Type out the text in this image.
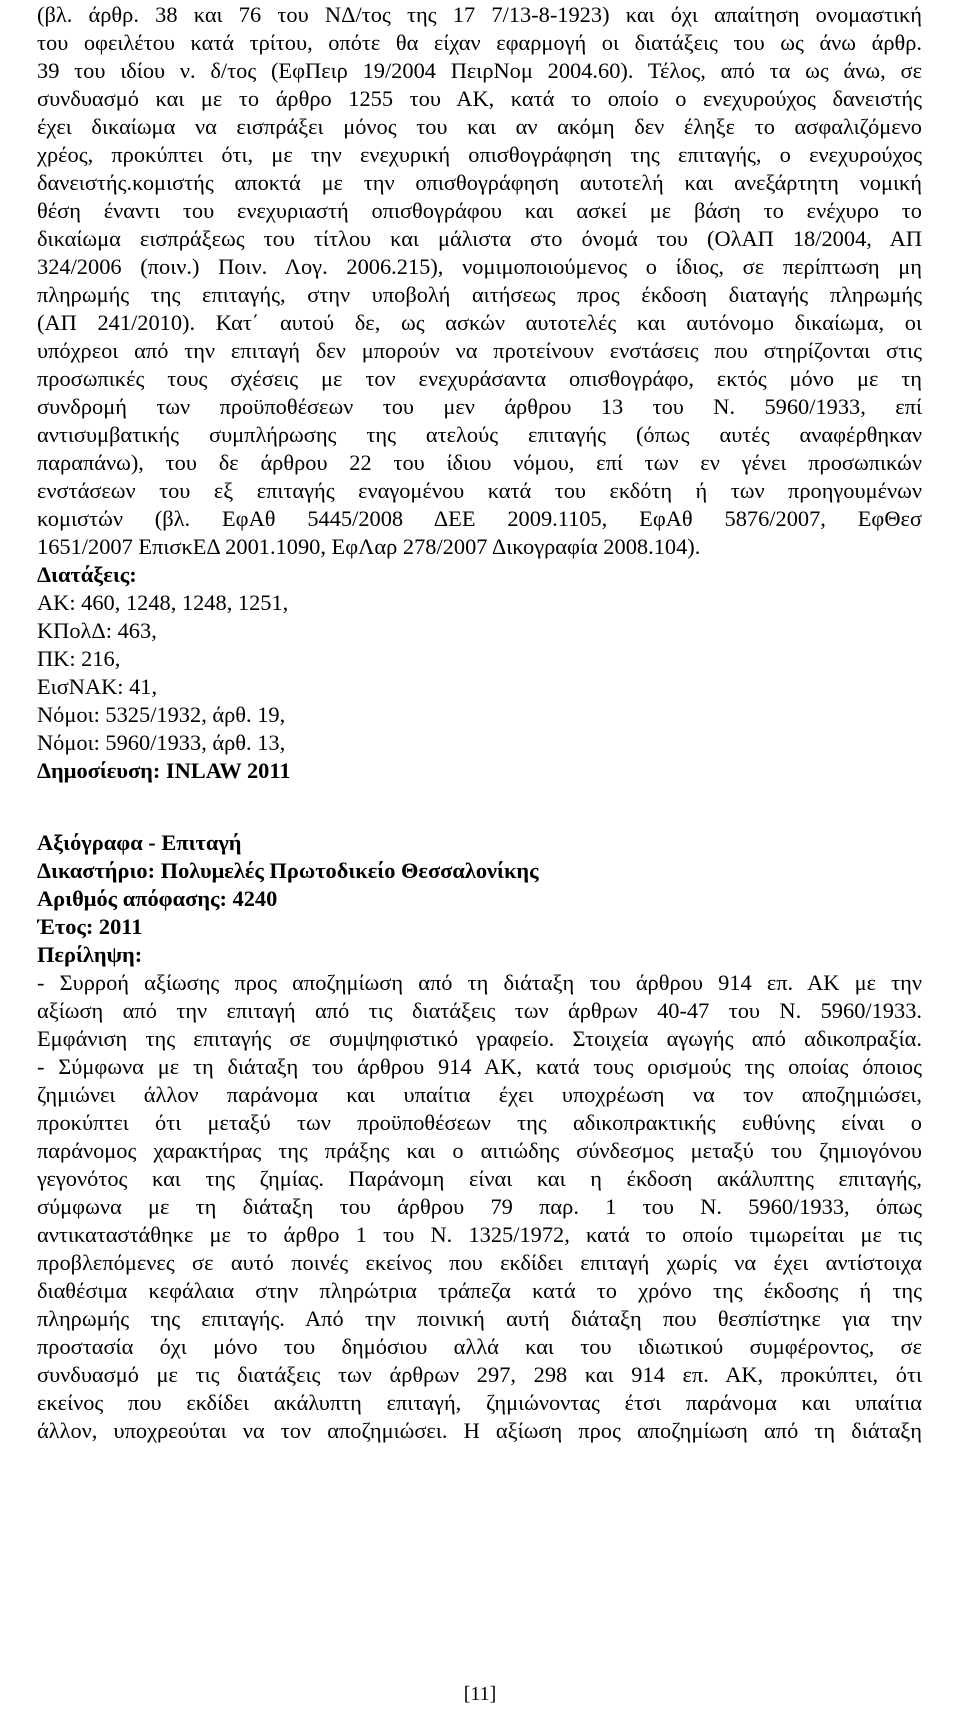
(βλ. άρθρ. 38 και 76 του ΝΔ/τος της 17 7/13-8-1923) και όχι απαίτηση ονομαστική

του οφειλέτου κατά τρίτου, οπότε θα είχαν εφαρμογή οι διατάξεις του ως άνω άρθρ.

39 του ιδίου ν. δ/τος (ΕφΠειρ 19/2004 ΠειρΝομ 2004.60). Τέλος, από τα ως άνω, σε

συνδυασμό και με το άρθρο 1255 του ΑΚ, κατά το οποίο ο ενεχυρούχος δανειστής

έχει δικαίωμα να εισπράξει μόνος του και αν ακόμη δεν έληξε το ασφαλιζόμενο

χρέος, προκύπτει ότι, με την ενεχυρική οπισθογράφηση της επιταγής, ο ενεχυρούχος

δανειστής.κομιστής αποκτά με την οπισθογράφηση αυτοτελή και ανεξάρτητη νομική

θέση έναντι του ενεχυριαστή οπισθογράφου και ασκεί με βάση το ενέχυρο το

δικαίωμα εισπράξεως του τίτλου και μάλιστα στο όνομά του (ΟλΑΠ 18/2004, ΑΠ

324/2006 (ποιν.) Ποιν. Λογ. 2006.215), νομιμοποιούμενος ο ίδιος, σε περίπτωση μη

πληρωμής της επιταγής, στην υποβολή αιτήσεως προς έκδοση διαταγής πληρωμής

(ΑΠ 241/2010). Κατ΄ αυτού δε, ως ασκών αυτοτελές και αυτόνομο δικαίωμα, οι

υπόχρεοι από την επιταγή δεν μπορούν να προτείνουν ενστάσεις που στηρίζονται στις

προσωπικές τους σχέσεις με τον ενεχυράσαντα οπισθογράφο, εκτός μόνο με τη

συνδρομή των προϋποθέσεων του μεν άρθρου 13 του Ν. 5960/1933, επί

αντισυμβατικής συμπλήρωσης της ατελούς επιταγής (όπως αυτές αναφέρθηκαν

παραπάνω), του δε άρθρου 22 του ίδιου νόμου, επί των εν γένει προσωπικών

ενστάσεων του εξ επιταγής εναγομένου κατά του εκδότη ή των προηγουμένων

κομιστών (βλ. ΕφΑθ 5445/2008 ΔΕΕ 2009.1105, ΕφΑθ 5876/2007, ΕφΘεσ

1651/2007 ΕπισκΕΔ 2001.1090, ΕφΛαρ 278/2007 Δικογραφία 2008.104).

Διατάξεις:

ΑΚ: 460, 1248, 1248, 1251,

ΚΠολΔ: 463,

ΠΚ: 216,

ΕισΝΑΚ: 41,

Νόμοι: 5325/1932, άρθ. 19,

Νόμοι: 5960/1933, άρθ. 13,

Δημοσίευση: INLAW 2011

Αξιόγραφα - Επιταγή

Δικαστήριο: Πολυμελές Πρωτοδικείο Θεσσαλονίκης

Αριθμός απόφασης: 4240

Έτος: 2011

Περίληψη:

- Συρροή αξίωσης προς αποζημίωση από τη διάταξη του άρθρου 914 επ. ΑΚ με την

αξίωση από την επιταγή από τις διατάξεις των άρθρων 40-47 του Ν. 5960/1933.

Εμφάνιση της επιταγής σε συμψηφιστικό γραφείο. Στοιχεία αγωγής από αδικοπραξία.

- Σύμφωνα με τη διάταξη του άρθρου 914 ΑΚ, κατά τους ορισμούς της οποίας όποιος

ζημιώνει άλλον παράνομα και υπαίτια έχει υποχρέωση να τον αποζημιώσει,

προκύπτει ότι μεταξύ των προϋποθέσεων της αδικοπρακτικής ευθύνης είναι ο

παράνομος χαρακτήρας της πράξης και ο αιτιώδης σύνδεσμος μεταξύ του ζημιογόνου

γεγονότος και της ζημίας. Παράνομη είναι και η έκδοση ακάλυπτης επιταγής,

σύμφωνα με τη διάταξη του άρθρου 79 παρ. 1 του Ν. 5960/1933, όπως

αντικαταστάθηκε με το άρθρο 1 του Ν. 1325/1972, κατά το οποίο τιμωρείται με τις

προβλεπόμενες σε αυτό ποινές εκείνος που εκδίδει επιταγή χωρίς να έχει αντίστοιχα

διαθέσιμα κεφάλαια στην πληρώτρια τράπεζα κατά το χρόνο της έκδοσης ή της

πληρωμής της επιταγής. Από την ποινική αυτή διάταξη που θεσπίστηκε για την

προστασία όχι μόνο του δημόσιου αλλά και του ιδιωτικού συμφέροντος, σε

συνδυασμό με τις διατάξεις των άρθρων 297, 298 και 914 επ. ΑΚ, προκύπτει, ότι

εκείνος που εκδίδει ακάλυπτη επιταγή, ζημιώνοντας έτσι παράνομα και υπαίτια

άλλον, υποχρεούται να τον αποζημιώσει. Η αξίωση προς αποζημίωση από τη διάταξη

[11]
